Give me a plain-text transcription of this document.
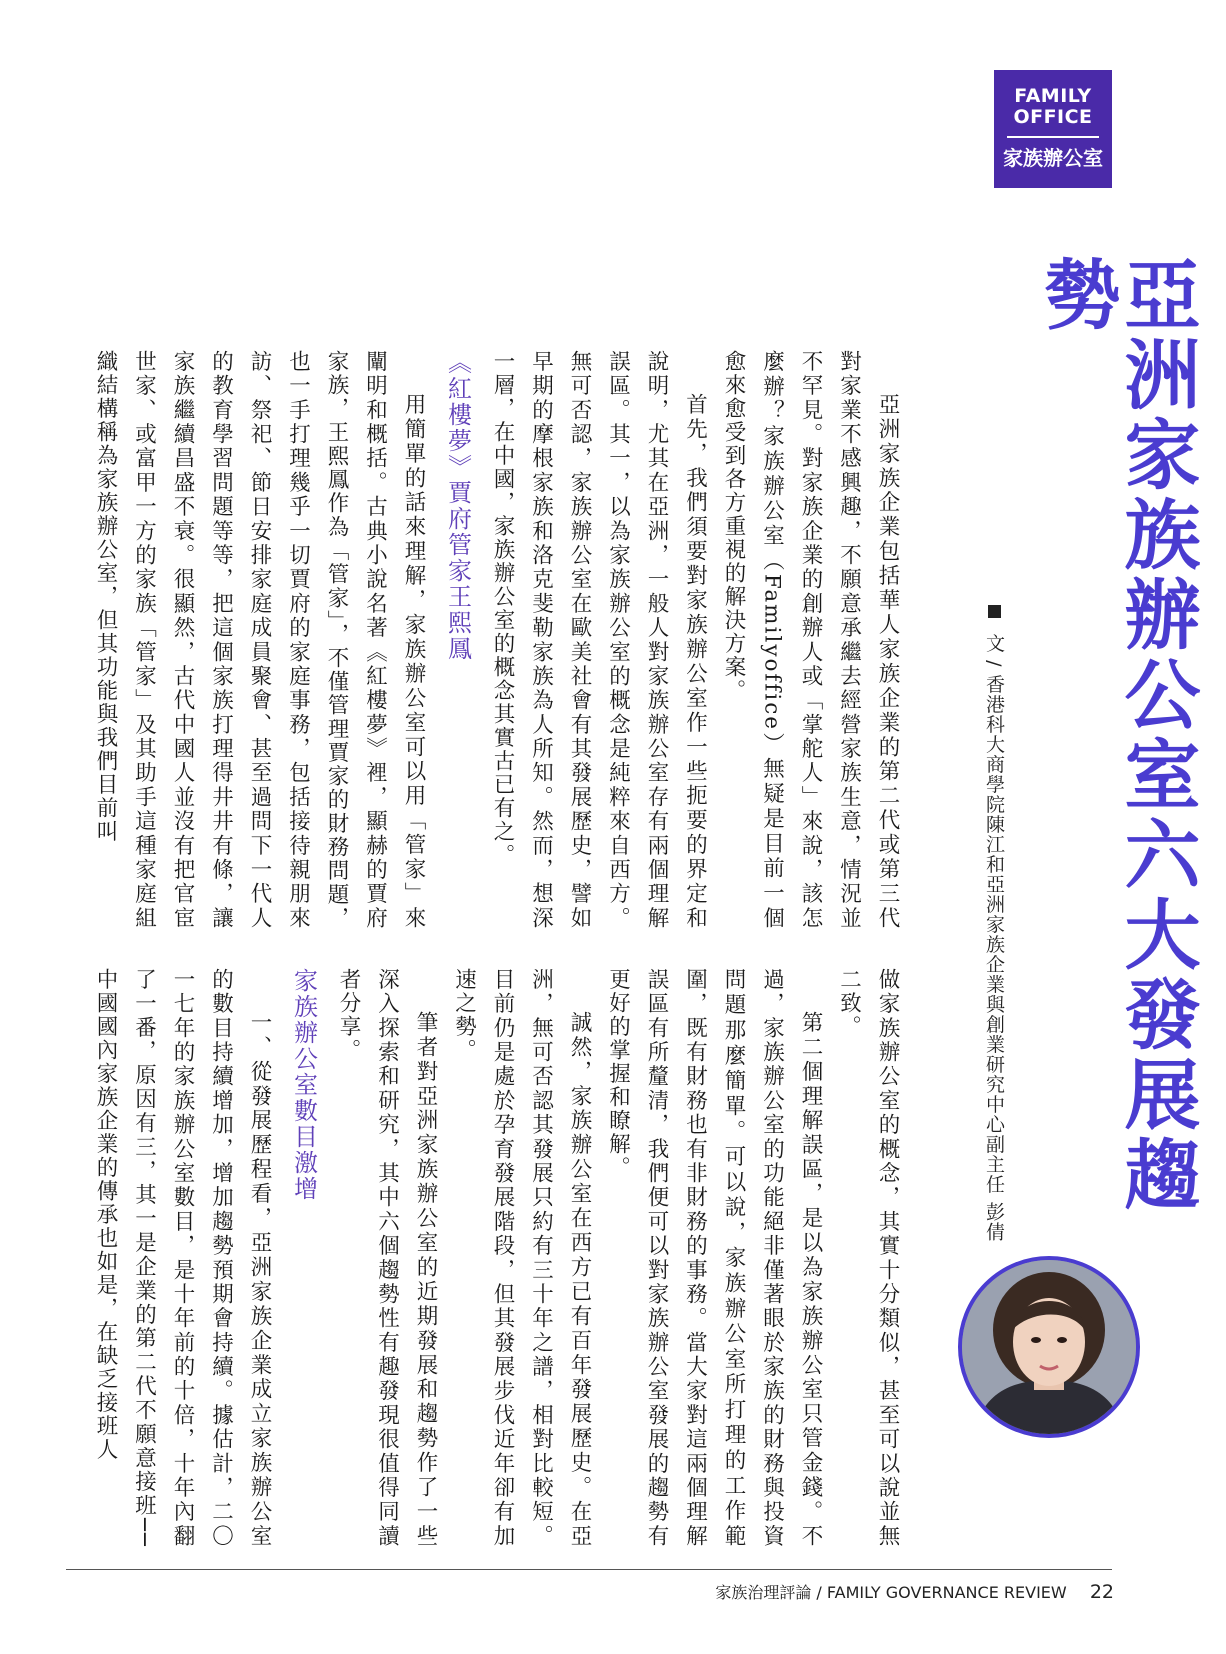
FAMILY
OFFICE
家族辦公室
亞洲家族辦公室六大發展趨勢
文 / 香港科大商學院陳江和亞洲家族企業與創業研究中心副主任 彭倩

亞洲家族企業包括華人家族企業的第二代或第三代對家業不感興趣，不願意承繼去經營家族生意，情況並不罕見。對家族企業的創辦人或「掌舵人」來說，該怎麼辦？家族辦公室（Familyoffice）無疑是目前一個愈來愈受到各方重視的解決方案。

首先，我們須要對家族辦公室作一些扼要的界定和說明，尤其在亞洲，一般人對家族辦公室存有兩個理解誤區。其一，以為家族辦公室的概念是純粹來自西方。無可否認，家族辦公室在歐美社會有其發展歷史，譬如早期的摩根家族和洛克斐勒家族為人所知。然而，想深一層，在中國，家族辦公室的概念其實古已有之。

《紅樓夢》賈府管家王熙鳳

用簡單的話來理解，家族辦公室可以用「管家」來闡明和概括。古典小說名著《紅樓夢》裡，顯赫的賈府家族，王熙鳳作為「管家」，不僅管理賈家的財務問題，也一手打理幾乎一切賈府的家庭事務，包括接待親朋來訪、祭祀、節日安排家庭成員聚會、甚至過問下一代人的教育學習問題等等，把這個家族打理得井井有條，讓家族繼續昌盛不衰。很顯然，古代中國人並沒有把官宦世家、或富甲一方的家族「管家」及其助手這種家庭組織結構稱為家族辦公室，但其功能與我們目前叫

做家族辦公室的概念，其實十分類似，甚至可以說並無二致。

第二個理解誤區，是以為家族辦公室只管金錢。不過，家族辦公室的功能絕非僅著眼於家族的財務與投資問題那麼簡單。可以說，家族辦公室所打理的工作範圍，既有財務也有非財務的事務。當大家對這兩個理解誤區有所釐清，我們便可以對家族辦公室發展的趨勢有更好的掌握和瞭解。

誠然，家族辦公室在西方已有百年發展歷史。在亞洲，無可否認其發展只約有三十年之譜，相對比較短。目前仍是處於孕育發展階段，但其發展步伐近年卻有加速之勢。

筆者對亞洲家族辦公室的近期發展和趨勢作了一些深入探索和研究，其中六個趨勢性有趣發現很值得同讀者分享。

家族辦公室數目激增

一、從發展歷程看，亞洲家族企業成立家族辦公室的數目持續增加，增加趨勢預期會持續。據估計，二〇一七年的家族辦公室數目，是十年前的十倍，十年內翻了一番，原因有三，其一是企業的第二代不願意接班──中國國內家族企業的傳承也如是，在缺乏接班人

家族治理評論 / FAMILY GOVERNANCE REVIEW 22
